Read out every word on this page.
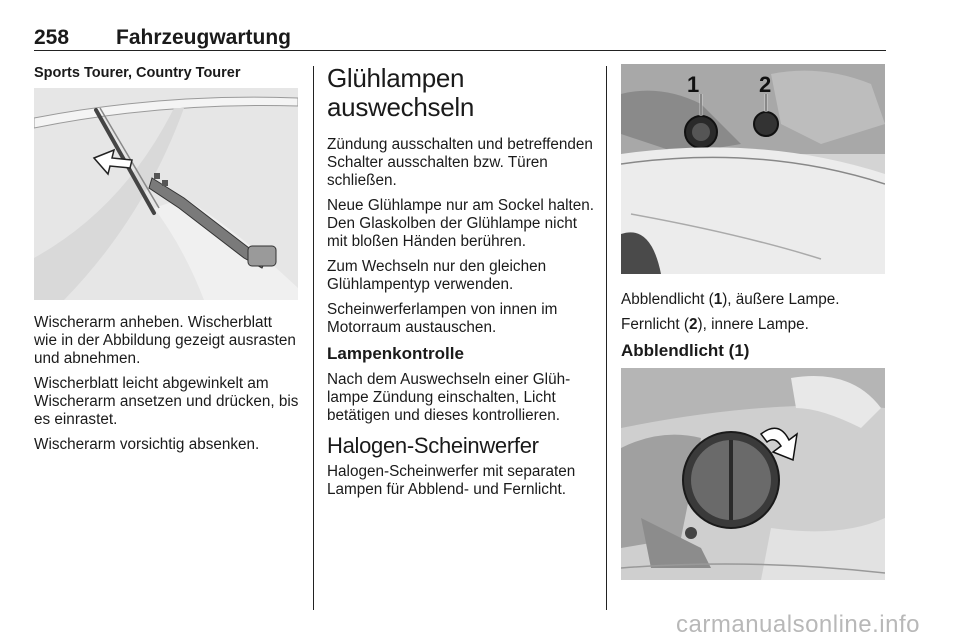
258 Fahrzeugwartung
Sports Tourer, Country Tourer

Wischerarm anheben. Wischerblatt wie in der Abbildung gezeigt ausrasten und abnehmen.

Wischerblatt leicht abgewinkelt am Wischerarm ansetzen und drücken, bis es einrastet.

Wischerarm vorsichtig absenken.

Glühlampen
auswechseln

Zündung ausschalten und betreffenden Schalter ausschalten bzw. Türen schließen.

Neue Glühlampe nur am Sockel halten. Den Glaskolben der Glühlampe nicht mit bloßen Händen berühren.

Zum Wechseln nur den gleichen Glühlampentyp verwenden.

Scheinwerferlampen von innen im Motorraum austauschen.

Lampenkontrolle

Nach dem Auswechseln einer Glühlampe Zündung einschalten, Licht betätigen und dieses kontrollieren.

Halogen-Scheinwerfer

Halogen-Scheinwerfer mit separaten Lampen für Abblend- und Fernlicht.

1	2

Abblendlicht (1), äußere Lampe.

Fernlicht (2), innere Lampe.

Abblendlicht (1)
carmanualsonline.info
